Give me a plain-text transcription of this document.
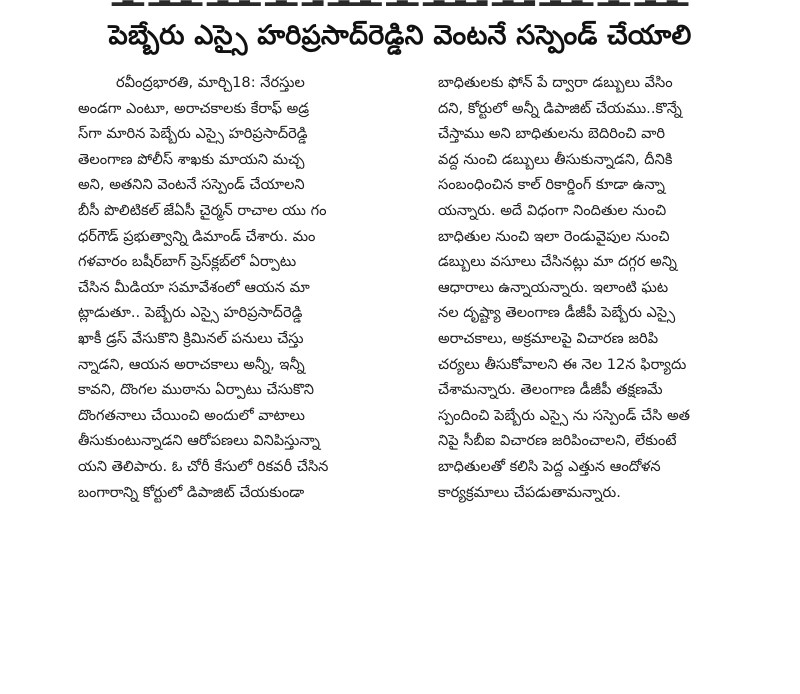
పెబ్బేరు ఎస్సై హరిప్రసాద్‌రెడ్డిని వెంటనే సస్పెండ్ చేయాలి
రవీంద్రభారతి, మార్చి18: నేరస్తుల
అండగా ఎంటూ, అరాచకాలకు కేరాఫ్ అడ్ర
స్‌గా మారిన పెబ్బేరు ఎస్సై హరిప్రసాద్‌రెడ్డి
తెలంగాణ పోలీస్ శాఖకు మాయని మచ్చ
అని, అతనిని వెంటనే సస్పెండ్ చేయాలని
బీసీ పొలిటికల్ జేఏసీ చైర్మన్ రాచాల యు గం
ధర్‌గౌడ్ ప్రభుత్వాన్ని డిమాండ్ చేశారు. మం
గళవారం బషీర్‌బాగ్ ప్రెస్‌క్లబ్‌లో ఏర్పాటు
చేసిన మీడియా సమావేశంలో ఆయన మా
ట్లాడుతూ.. పెబ్బేరు ఎస్సై హరిప్రసాద్‌రెడ్డి
ఖాకీ డ్రస్ వేసుకొని క్రిమినల్ పనులు చేస్తు
న్నాడని, ఆయన అరాచకాలు అన్నీ, ఇన్నీ
కావని, దొంగల ముఠాను ఏర్పాటు చేసుకొని
దొంగతనాలు చేయించి అందులో వాటాలు
తీసుకుంటున్నాడని ఆరోపణలు వినిపిస్తున్నా
యని తెలిపారు. ఓ చోరీ కేసులో రికవరీ చేసిన
బంగారాన్ని కోర్టులో డిపాజిట్ చేయకుండా
బాధితులకు ఫోన్ పే ద్వారా డబ్బులు వేసిం
దని, కోర్టులో అన్నీ డిపాజిట్ చేయము..కొన్నే
చేస్తాము అని బాధితులను బెదిరించి వారి
వద్ద నుంచి డబ్బులు తీసుకున్నాడని, దీనికి
సంబంధించిన కాల్ రికార్డింగ్ కూడా ఉన్నా
యన్నారు. అదే విధంగా నిందితుల నుంచి
బాధితుల నుంచి ఇలా రెండువైపుల నుంచి
డబ్బులు వసూలు చేసినట్లు మా దగ్గర అన్ని
ఆధారాలు ఉన్నాయన్నారు. ఇలాంటి ఘట
నల దృష్ట్యా తెలంగాణ డీజీపీ పెబ్బేరు ఎస్సై
అరాచకాలు, అక్రమాలపై విచారణ జరిపి
చర్యలు తీసుకోవాలని ఈ నెల 12న ఫిర్యాదు
చేశామన్నారు. తెలంగాణ డీజీపీ తక్షణమే
స్పందించి పెబ్బేరు ఎస్సై ను సస్పెండ్ చేసి అత
నిపై సీబీఐ విచారణ జరిపించాలని, లేకుంటే
బాధితులతో కలిసి పెద్ద ఎత్తున ఆందోళన
కార్యక్రమాలు చేపడుతామన్నారు.
